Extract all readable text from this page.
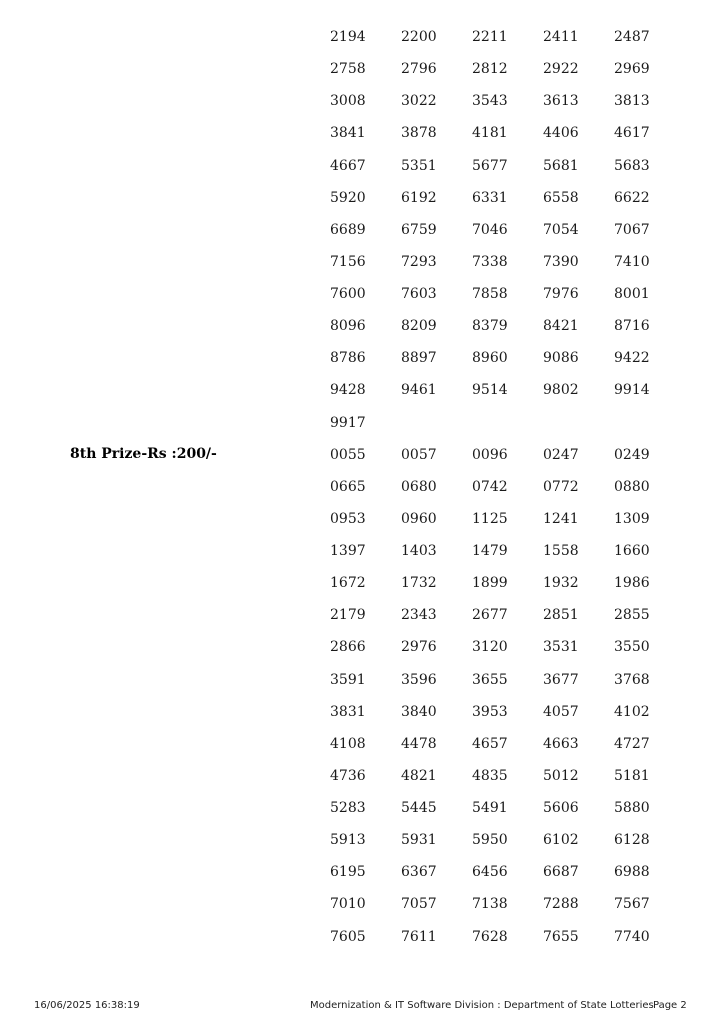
2194	2200	2211	2411	2487
2758	2796	2812	2922	2969
3008	3022	3543	3613	3813
3841	3878	4181	4406	4617
4667	5351	5677	5681	5683
5920	6192	6331	6558	6622
6689	6759	7046	7054	7067
7156	7293	7338	7390	7410
7600	7603	7858	7976	8001
8096	8209	8379	8421	8716
8786	8897	8960	9086	9422
9428	9461	9514	9802	9914
9917
0055	0057	0096	0247	0249
0665	0680	0742	0772	0880
0953	0960	1125	1241	1309
1397	1403	1479	1558	1660
1672	1732	1899	1932	1986
2179	2343	2677	2851	2855
2866	2976	3120	3531	3550
3591	3596	3655	3677	3768
3831	3840	3953	4057	4102
4108	4478	4657	4663	4727
4736	4821	4835	5012	5181
5283	5445	5491	5606	5880
5913	5931	5950	6102	6128
6195	6367	6456	6687	6988
7010	7057	7138	7288	7567
7605	7611	7628	7655	7740
8th Prize-Rs :200/-
16/06/2025 16:38:19	Modernization & IT Software Division : Department of State Lotteries Page 2
